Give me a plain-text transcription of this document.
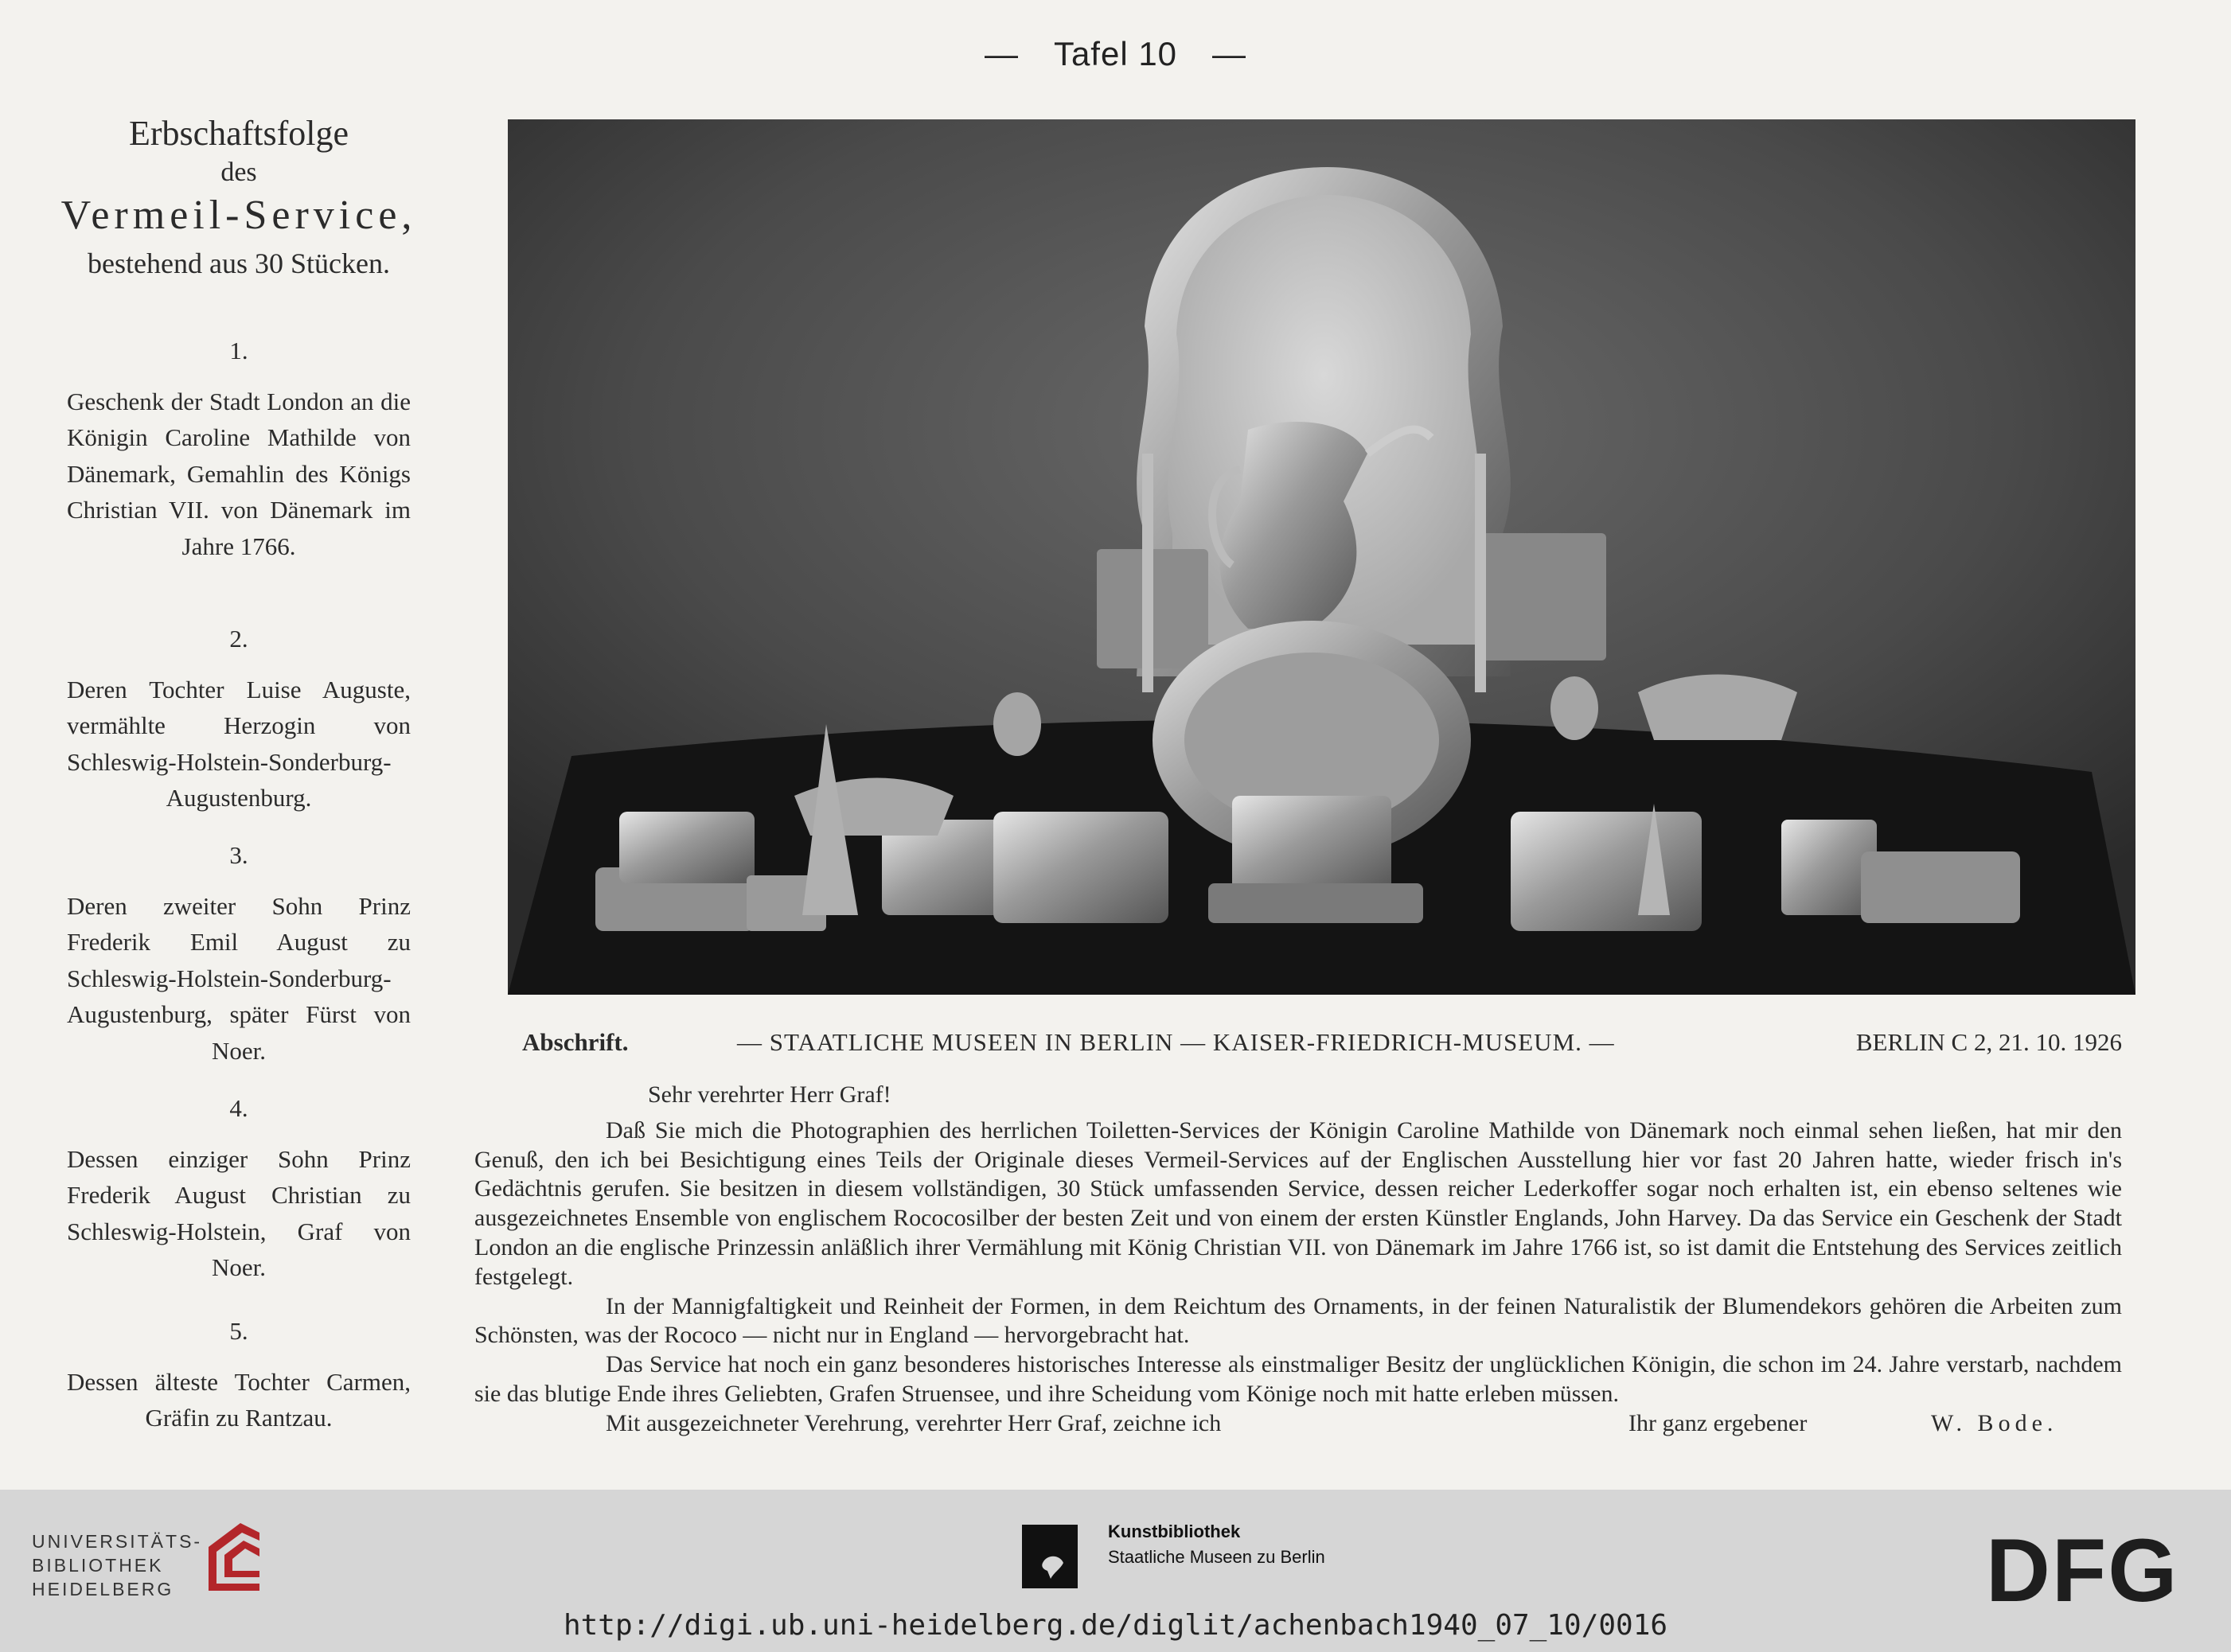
— Tafel 10 —
Erbschaftsfolge
des
Vermeil-Service,
bestehend aus 30 Stücken.
1.
Geschenk der Stadt London an die Königin Caroline Mathilde von Dänemark, Gemahlin des Königs Christian VII. von Dänemark im Jahre 1766.
2.
Deren Tochter Luise Auguste, vermählte Herzogin von Schleswig-Holstein-Sonderburg-Augustenburg.
3.
Deren zweiter Sohn Prinz Frederik Emil August zu Schleswig-Holstein-Sonderburg-Augustenburg, später Fürst von Noer.
4.
Dessen einziger Sohn Prinz Frederik August Christian zu Schleswig-Holstein, Graf von Noer.
5.
Dessen älteste Tochter Carmen, Gräfin zu Rantzau.
Abschrift.	— STAATLICHE MUSEEN IN BERLIN — KAISER-FRIEDRICH-MUSEUM. —	BERLIN C 2, 21. 10. 1926
Sehr verehrter Herr Graf!

Daß Sie mich die Photographien des herrlichen Toiletten-Services der Königin Caroline Mathilde von Dänemark noch einmal sehen ließen, hat mir den Genuß, den ich bei Besichtigung eines Teils der Originale dieses Vermeil-Services auf der Englischen Ausstellung hier vor fast 20 Jahren hatte, wieder frisch in's Gedächtnis gerufen. Sie besitzen in diesem vollständigen, 30 Stück umfassenden Service, dessen reicher Lederkoffer sogar noch erhalten ist, ein ebenso seltenes wie ausgezeichnetes Ensemble von englischem Rococosilber der besten Zeit und von einem der ersten Künstler Englands, John Harvey. Da das Service ein Geschenk der Stadt London an die englische Prinzessin anläßlich ihrer Vermählung mit König Christian VII. von Dänemark im Jahre 1766 ist, so ist damit die Entstehung des Services zeitlich festgelegt.

In der Mannigfaltigkeit und Reinheit der Formen, in dem Reichtum des Ornaments, in der feinen Naturalistik der Blumendekors gehören die Arbeiten zum Schönsten, was der Rococo — nicht nur in England — hervorgebracht hat.

Das Service hat noch ein ganz besonderes historisches Interesse als einstmaliger Besitz der unglücklichen Königin, die schon im 24. Jahre verstarb, nachdem sie das blutige Ende ihres Geliebten, Grafen Struensee, und ihre Scheidung vom Könige noch mit hatte erleben müssen.

Mit ausgezeichneter Verehrung, verehrter Herr Graf, zeichne ich	Ihr ganz ergebener	W. Bode.
UNIVERSITÄTS-
BIBLIOTHEK
HEIDELBERG
Kunstbibliothek
Staatliche Museen zu Berlin	DFG
http://digi.ub.uni-heidelberg.de/diglit/achenbach1940_07_10/0016
